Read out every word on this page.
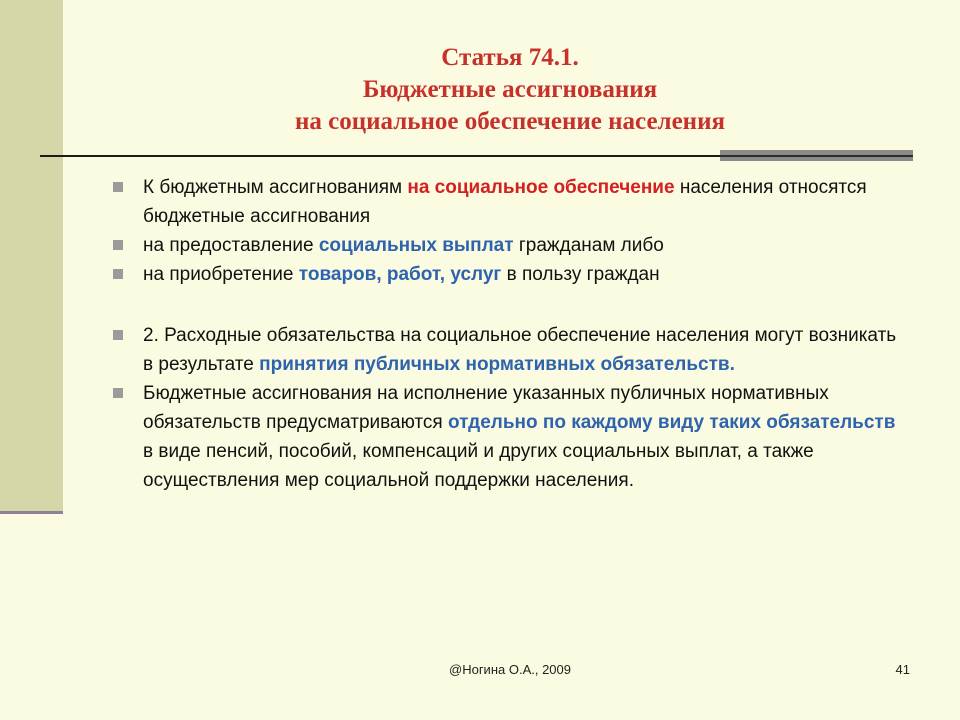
Статья 74.1.
Бюджетные ассигнования
на социальное обеспечение населения
К бюджетным ассигнованиям на социальное обеспечение населения относятся бюджетные ассигнования
на предоставление социальных выплат гражданам либо
на приобретение товаров, работ, услуг в пользу граждан
2. Расходные обязательства на социальное обеспечение населения могут возникать в результате принятия публичных нормативных обязательств.
Бюджетные ассигнования на исполнение указанных публичных нормативных обязательств предусматриваются отдельно по каждому виду таких обязательств в виде пенсий, пособий, компенсаций и других социальных выплат, а также осуществления мер социальной поддержки населения.
@Ногина О.А., 2009	41
